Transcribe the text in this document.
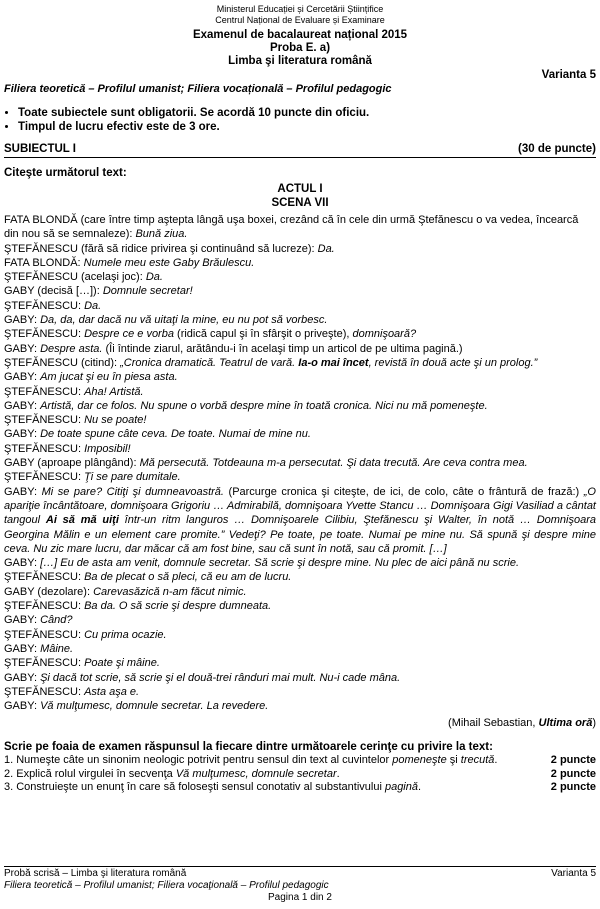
Ministerul Educației și Cercetării Științifice
Centrul Național de Evaluare și Examinare
Examenul de bacalaureat național 2015
Proba E. a)
Limba şi literatura română
Varianta 5
Filiera teoretică – Profilul umanist; Filiera vocațională – Profilul pedagogic
• Toate subiectele sunt obligatorii. Se acordă 10 puncte din oficiu.
• Timpul de lucru efectiv este de 3 ore.
SUBIECTUL I	(30 de puncte)
Citeşte următorul text:
ACTUL I
SCENA VII

FATA BLONDĂ (care între timp aştepta lângă uşa boxei, crezând că în cele din urmă Ştefănescu o va vedea, încearcă din nou să se semnaleze): Bună ziua.

ŞTEFĂNESCU (fără să ridice privirea şi continuând să lucreze): Da.

FATA BLONDĂ: Numele meu este Gaby Brăulescu.

ŞTEFĂNESCU (acelaşi joc): Da.

GABY (decisă […]): Domnule secretar!

ŞTEFĂNESCU: Da.

GABY: Da, da, dar dacă nu vă uitaţi la mine, eu nu pot să vorbesc.

ŞTEFĂNESCU: Despre ce e vorba (ridică capul şi în sfârşit o priveşte), domnişoară?

GABY: Despre asta. (Îi întinde ziarul, arătându-i în acelaşi timp un articol de pe ultima pagină.)

ŞTEFĂNESCU (citind): „Cronica dramatică. Teatrul de vară. Ia-o mai încet, revistă în două acte şi un prolog.”

GABY: Am jucat şi eu în piesa asta.

ŞTEFĂNESCU: Aha! Artistă.

GABY: Artistă, dar ce folos. Nu spune o vorbă despre mine în toată cronica. Nici nu mă pomeneşte.

ŞTEFĂNESCU: Nu se poate!

GABY: De toate spune câte ceva. De toate. Numai de mine nu.

ŞTEFĂNESCU: Imposibil!

GABY (aproape plângând): Mă persecută. Totdeauna m-a persecutat. Şi data trecută. Are ceva contra mea.

ŞTEFĂNESCU: Ţi se pare dumitale.

GABY: Mi se pare? Citiţi şi dumneavoastră. (Parcurge cronica şi citeşte, de ici, de colo, câte o frântură de frază:) „O apariţie încântătoare, domnişoara Grigoriu … Admirabilă, domnişoara Yvette Stancu … Domnişoara Gigi Vasiliad a cântat tangoul Ai să mă uiţi într-un ritm languros … Domnişoarele Cilibiu, Ştefănescu şi Walter, în notă … Domnişoara Georgina Mălin e un element care promite.” Vedeţi? Pe toate, pe toate. Numai pe mine nu. Să spună şi despre mine ceva. Nu zic mare lucru, dar măcar că am fost bine, sau că sunt în notă, sau că promit. […]

GABY: […] Eu de asta am venit, domnule secretar. Să scrie şi despre mine. Nu plec de aici până nu scrie.

ŞTEFĂNESCU: Ba de plecat o să pleci, că eu am de lucru.

GABY (dezolare): Carevasăzică n-am făcut nimic.

ŞTEFĂNESCU: Ba da. O să scrie şi despre dumneata.

GABY: Când?

ŞTEFĂNESCU: Cu prima ocazie.

GABY: Mâine.

ŞTEFĂNESCU: Poate şi mâine.

GABY: Şi dacă tot scrie, să scrie şi el două-trei rânduri mai mult. Nu-i cade mâna.

ŞTEFĂNESCU: Asta aşa e.

GABY: Vă mulţumesc, domnule secretar. La revedere.

(Mihail Sebastian, Ultima oră)
Scrie pe foaia de examen răspunsul la fiecare dintre următoarele cerinţe cu privire la text:
1. Numeşte câte un sinonim neologic potrivit pentru sensul din text al cuvintelor pomeneşte şi trecută.	2 puncte
2. Explică rolul virgulei în secvenţa Vă mulţumesc, domnule secretar.	2 puncte
3. Construieşte un enunţ în care să foloseşti sensul conotativ al substantivului pagină.	2 puncte
Probă scrisă – Limba şi literatura română	Varianta 5
Filiera teoretică – Profilul umanist; Filiera vocaţională – Profilul pedagogic
Pagina 1 din 2
